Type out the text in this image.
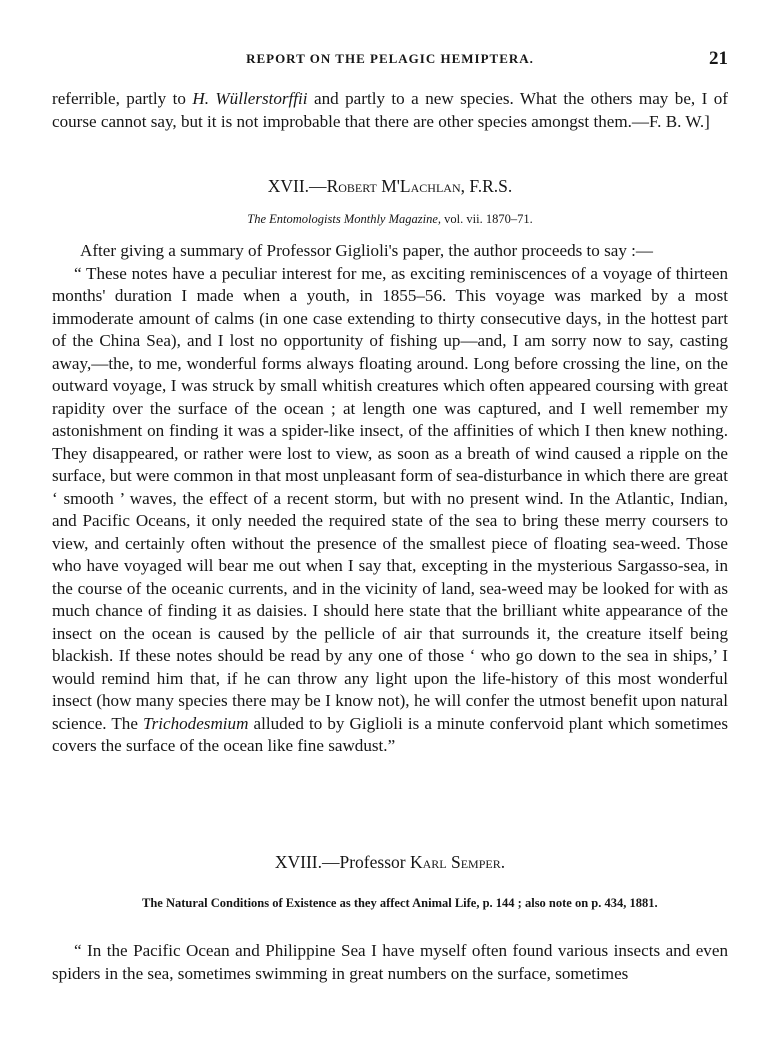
REPORT ON THE PELAGIC HEMIPTERA.	21

referrible, partly to H. Wüllerstorffii and partly to a new species. What the others may be, I of course cannot say, but it is not improbable that there are other species amongst them.—F. B. W.]

XVII.—Robert M'Lachlan, F.R.S.
The Entomologists Monthly Magazine, vol. vii. 1870–71.

After giving a summary of Professor Giglioli's paper, the author proceeds to say :—

“ These notes have a peculiar interest for me, as exciting reminiscences of a voyage of thirteen months' duration I made when a youth, in 1855–56. This voyage was marked by a most immoderate amount of calms (in one case extending to thirty consecutive days, in the hottest part of the China Sea), and I lost no opportunity of fishing up—and, I am sorry now to say, casting away,—the, to me, wonderful forms always floating around. Long before crossing the line, on the outward voyage, I was struck by small whitish creatures which often appeared coursing with great rapidity over the surface of the ocean ; at length one was captured, and I well remember my astonishment on finding it was a spider-like insect, of the affinities of which I then knew nothing. They disappeared, or rather were lost to view, as soon as a breath of wind caused a ripple on the surface, but were common in that most unpleasant form of sea-disturbance in which there are great ‘ smooth ’ waves, the effect of a recent storm, but with no present wind. In the Atlantic, Indian, and Pacific Oceans, it only needed the required state of the sea to bring these merry coursers to view, and certainly often without the presence of the smallest piece of floating sea-weed. Those who have voyaged will bear me out when I say that, excepting in the mysterious Sargasso-sea, in the course of the oceanic currents, and in the vicinity of land, sea-weed may be looked for with as much chance of finding it as daisies. I should here state that the brilliant white appearance of the insect on the ocean is caused by the pellicle of air that surrounds it, the creature itself being blackish. If these notes should be read by any one of those ‘ who go down to the sea in ships,’ I would remind him that, if he can throw any light upon the life-history of this most wonderful insect (how many species there may be I know not), he will confer the utmost benefit upon natural science. The Trichodesmium alluded to by Giglioli is a minute confervoid plant which sometimes covers the surface of the ocean like fine sawdust.”

XVIII.—Professor Karl Semper.
The Natural Conditions of Existence as they affect Animal Life, p. 144 ; also note on p. 434, 1881.

“ In the Pacific Ocean and Philippine Sea I have myself often found various insects and even spiders in the sea, sometimes swimming in great numbers on the surface, sometimes
